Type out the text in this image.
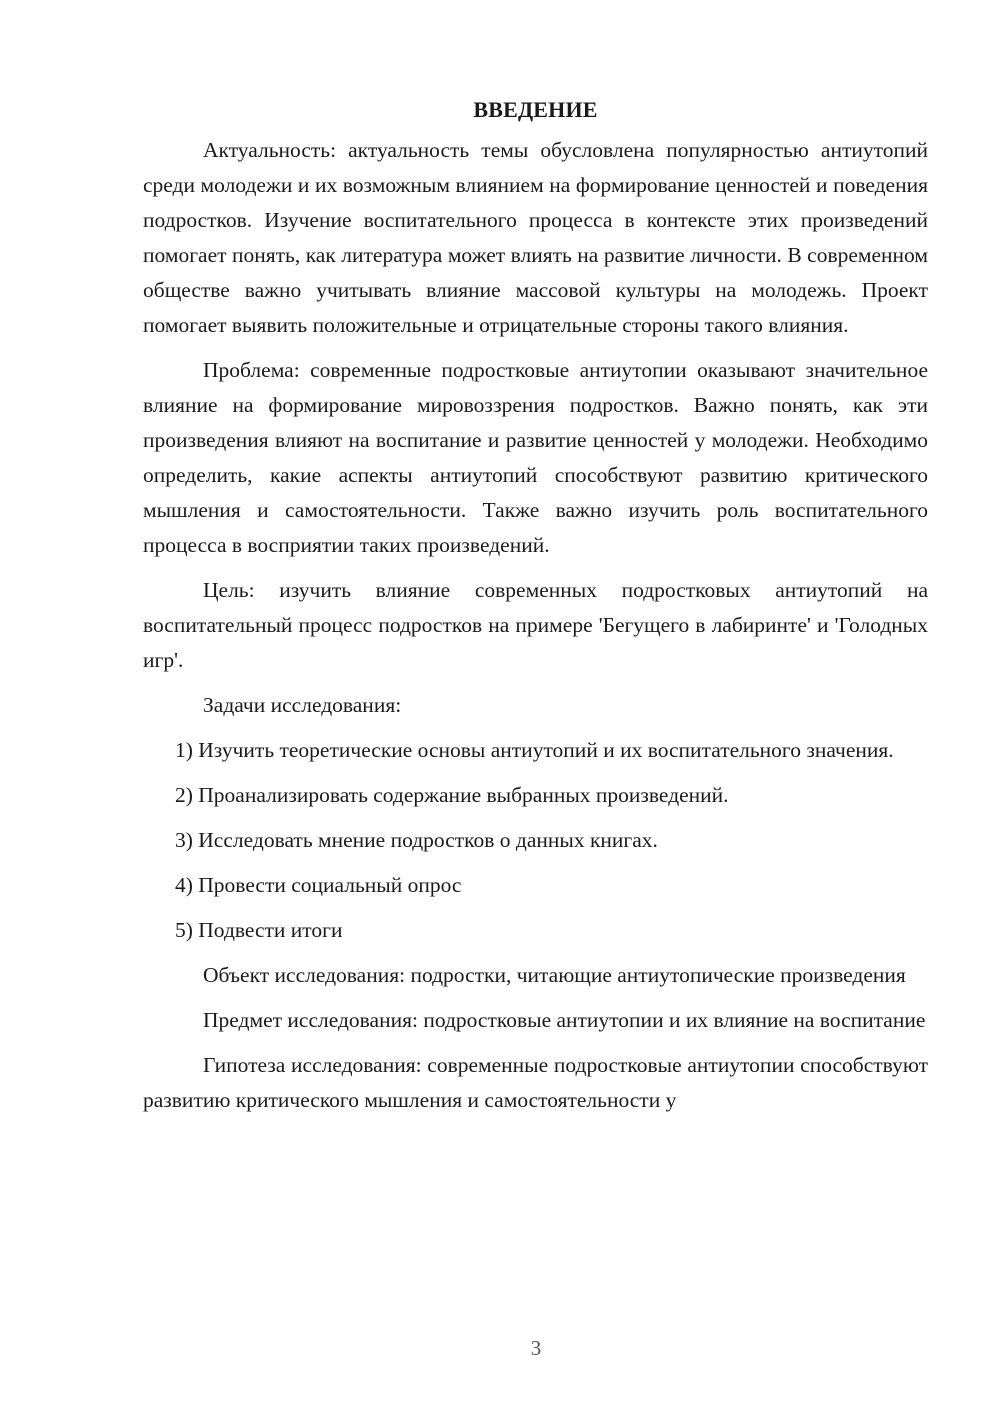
ВВЕДЕНИЕ

Актуальность: актуальность темы обусловлена популярностью антиутопий среди молодежи и их возможным влиянием на формирование ценностей и поведения подростков. Изучение воспитательного процесса в контексте этих произведений помогает понять, как литература может влиять на развитие личности. В современном обществе важно учитывать влияние массовой культуры на молодежь. Проект помогает выявить положительные и отрицательные стороны такого влияния.

Проблема: современные подростковые антиутопии оказывают значительное влияние на формирование мировоззрения подростков. Важно понять, как эти произведения влияют на воспитание и развитие ценностей у молодежи. Необходимо определить, какие аспекты антиутопий способствуют развитию критического мышления и самостоятельности. Также важно изучить роль воспитательного процесса в восприятии таких произведений.

Цель: изучить влияние современных подростковых антиутопий на воспитательный процесс подростков на примере 'Бегущего в лабиринте' и 'Голодных игр'.

Задачи исследования:

1) Изучить теоретические основы антиутопий и их воспитательного значения.

2) Проанализировать содержание выбранных произведений.

3) Исследовать мнение подростков о данных книгах.

4) Провести социальный опрос

5) Подвести итоги

Объект исследования: подростки, читающие антиутопические произведения

Предмет исследования: подростковые антиутопии и их влияние на воспитание

Гипотеза исследования: современные подростковые антиутопии способствуют развитию критического мышления и самостоятельности у

3
